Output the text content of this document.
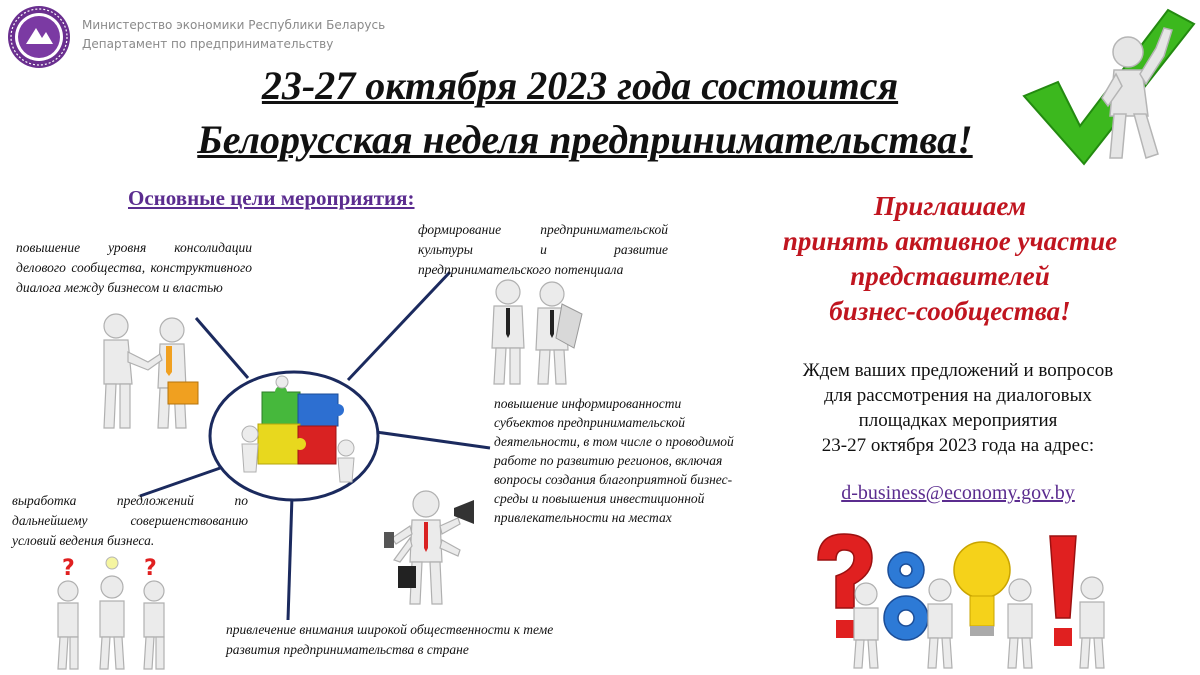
Министерство экономики Республики Беларусь
Департамент по предпринимательству
23-27 октября 2023 года состоится
Белорусская неделя предпринимательства!
Основные цели мероприятия:
повышение уровня консолидации делового сообщества, конструктивного диалога между бизнесом и властью
формирование предпринимательской культуры и развитие предпринимательского потенциала
повышение информированности субъектов предпринимательской деятельности, в том числе о проводимой работе по развитию регионов, включая вопросы создания благоприятной бизнес-среды и повышения инвестиционной привлекательности на местах
выработка предложений по дальнейшему совершенствованию условий ведения бизнеса.
привлечение внимания широкой общественности к теме развития предпринимательства в стране
?	?
Приглашаем
принять активное участие
представителей
бизнес-сообщества!
Ждем ваших предложений и вопросов
для рассмотрения на диалоговых
площадках мероприятия
23-27 октября 2023 года на адрес:
d-business@economy.gov.by
